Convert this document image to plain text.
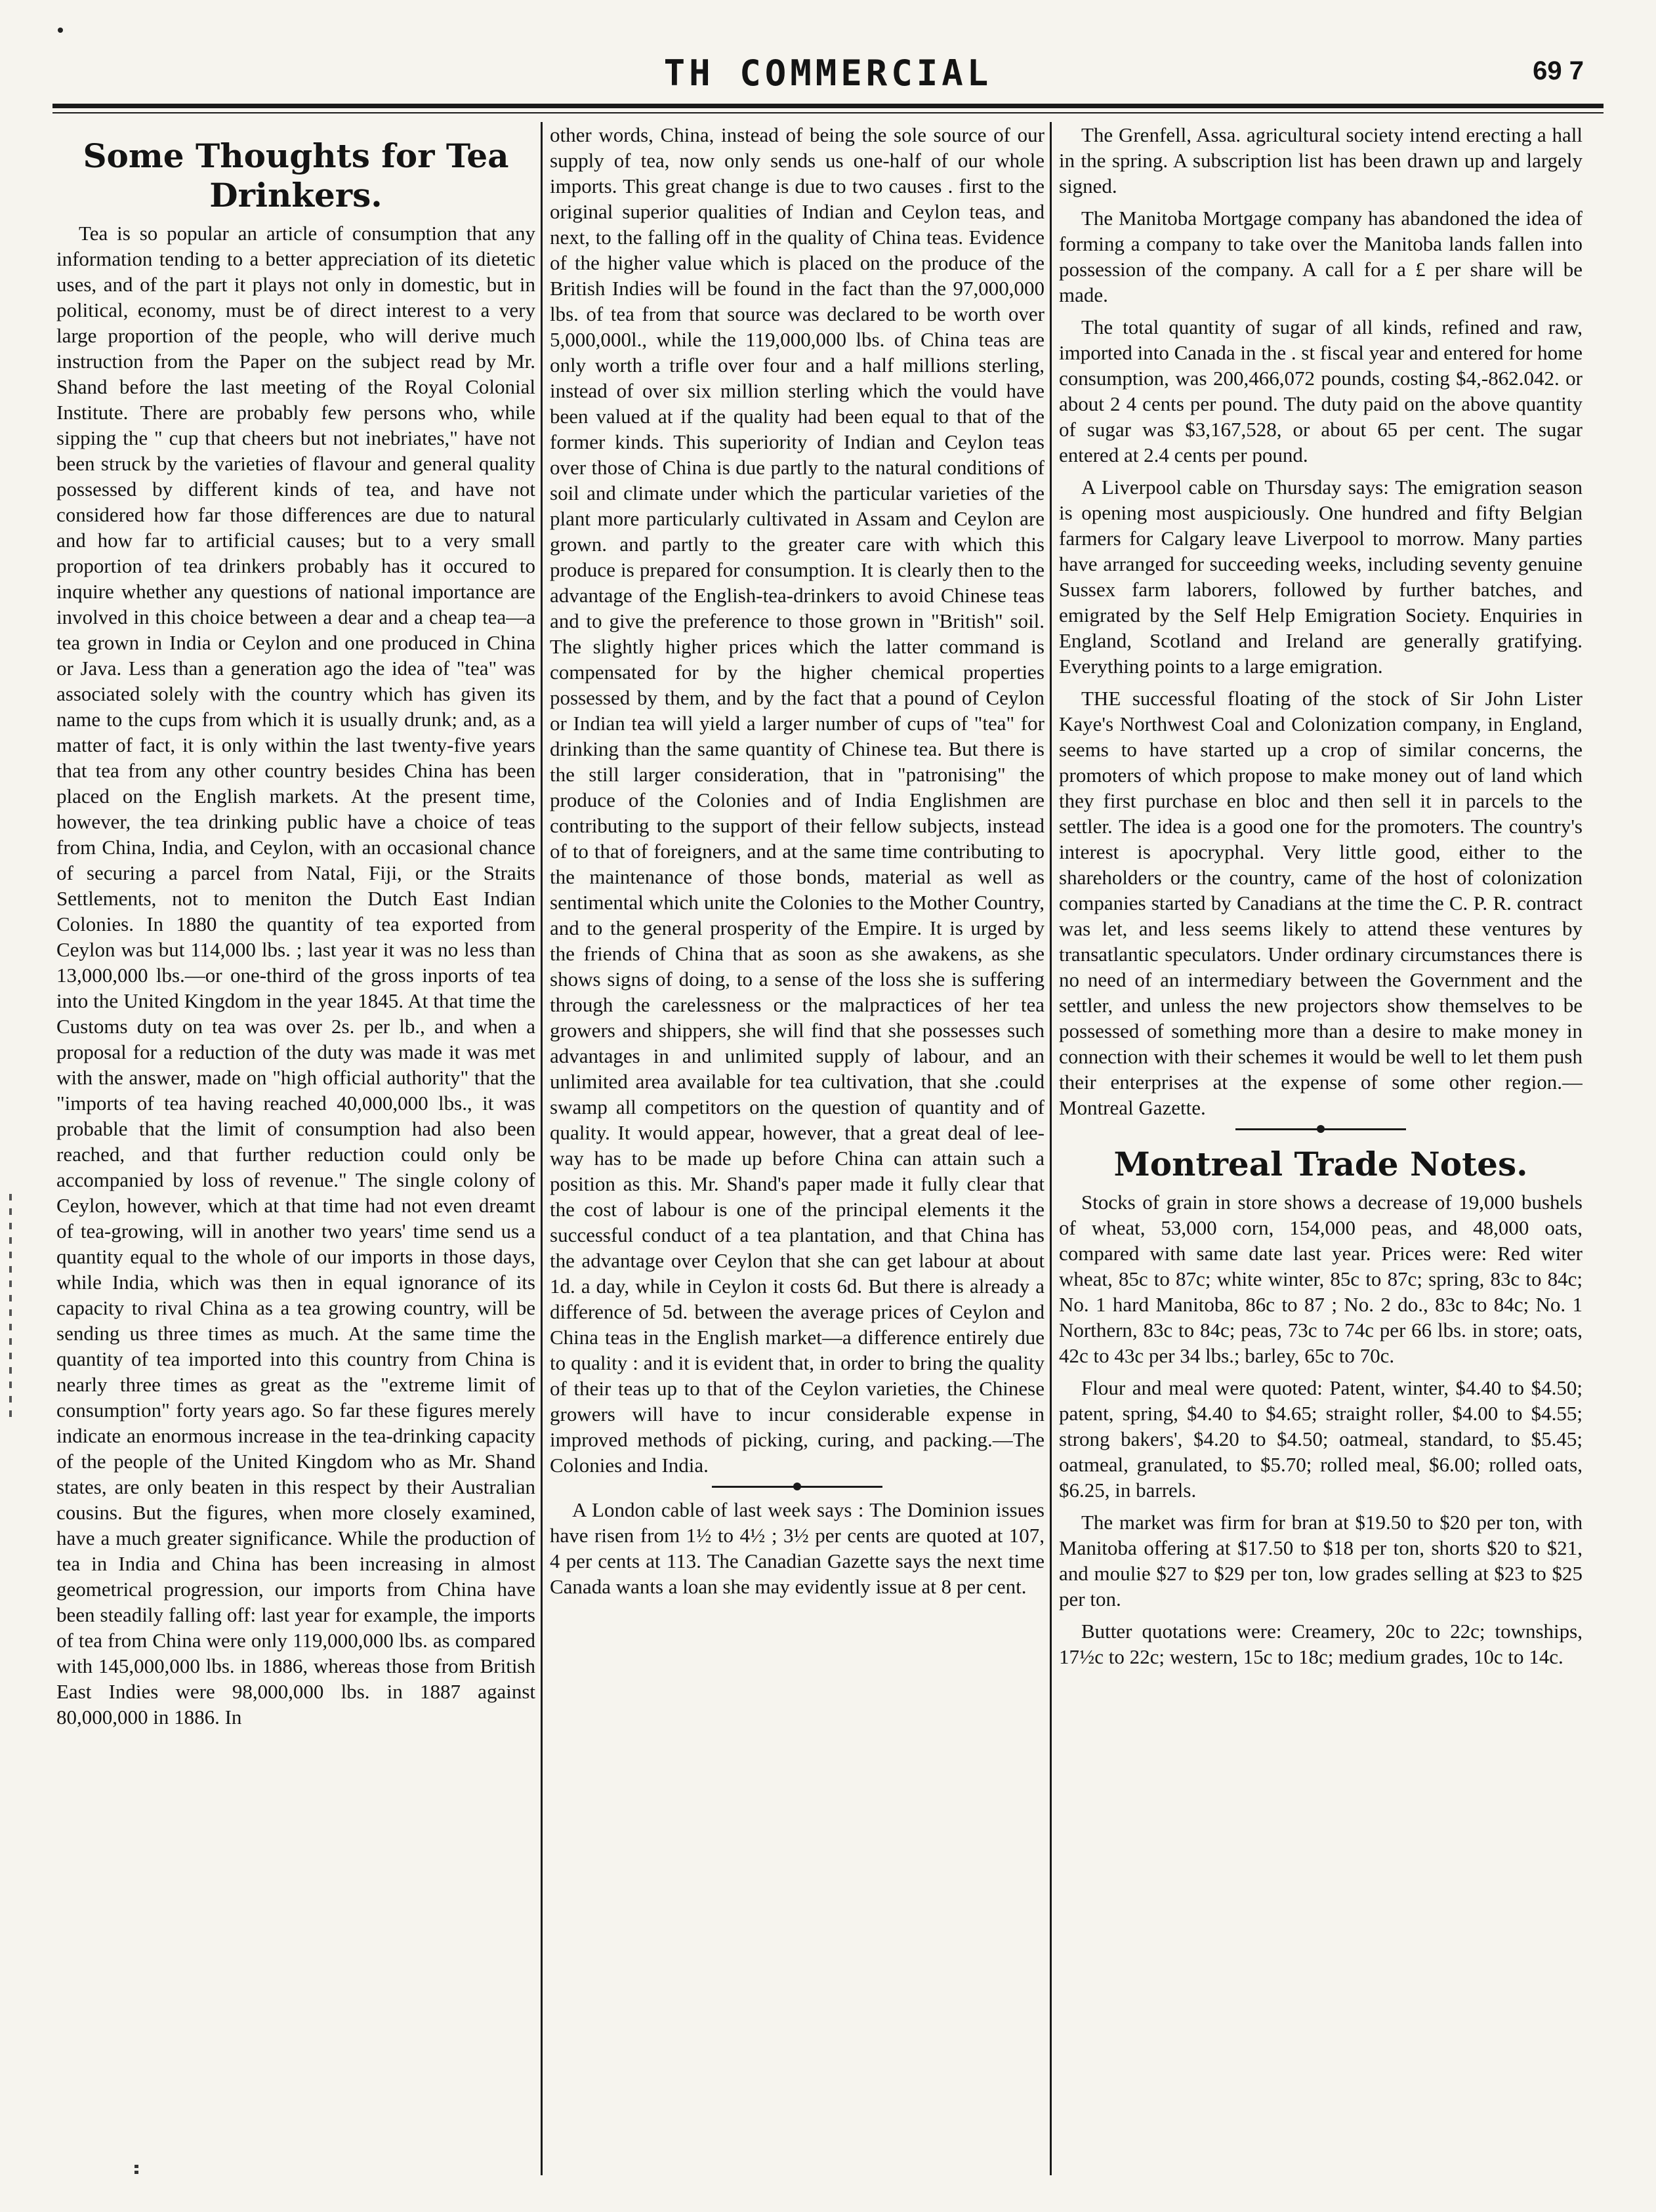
TH COMMERCIAL	69 7
Some Thoughts for Tea Drinkers.

Tea is so popular an article of consumption that any information tending to a better appreciation of its dietetic uses, and of the part it plays not only in domestic, but in political, economy, must be of direct interest to a very large proportion of the people, who will derive much instruction from the Paper on the subject read by Mr. Shand before the last meeting of the Royal Colonial Institute. There are probably few persons who, while sipping the " cup that cheers but not inebriates," have not been struck by the varieties of flavour and general quality possessed by different kinds of tea, and have not considered how far those differences are due to natural and how far to artificial causes; but to a very small proportion of tea drinkers probably has it occured to inquire whether any questions of national importance are involved in this choice between a dear and a cheap tea—a tea grown in India or Ceylon and one produced in China or Java. Less than a generation ago the idea of "tea" was associated solely with the country which has given its name to the cups from which it is usually drunk; and, as a matter of fact, it is only within the last twenty-five years that tea from any other country besides China has been placed on the English markets. At the present time, however, the tea drinking public have a choice of teas from China, India, and Ceylon, with an occasional chance of securing a parcel from Natal, Fiji, or the Straits Settlements, not to meniton the Dutch East Indian Colonies. In 1880 the quantity of tea exported from Ceylon was but 114,000 lbs. ; last year it was no less than 13,000,000 lbs.—or one-third of the gross inports of tea into the United Kingdom in the year 1845. At that time the Customs duty on tea was over 2s. per lb., and when a proposal for a reduction of the duty was made it was met with the answer, made on "high official authority" that the "imports of tea having reached 40,000,000 lbs., it was probable that the limit of consumption had also been reached, and that further reduction could only be accompanied by loss of revenue." The single colony of Ceylon, however, which at that time had not even dreamt of tea-growing, will in another two years' time send us a quantity equal to the whole of our imports in those days, while India, which was then in equal ignorance of its capacity to rival China as a tea growing country, will be sending us three times as much. At the same time the quantity of tea imported into this country from China is nearly three times as great as the "extreme limit of consumption" forty years ago. So far these figures merely indicate an enormous increase in the tea-drinking capacity of the people of the United Kingdom who as Mr. Shand states, are only beaten in this respect by their Australian cousins. But the figures, when more closely examined, have a much greater significance. While the production of tea in India and China has been increasing in almost geometrical progression, our imports from China have been steadily falling off: last year for example, the imports of tea from China were only 119,000,000 lbs. as compared with 145,000,000 lbs. in 1886, whereas those from British East Indies were 98,000,000 lbs. in 1887 against 80,000,000 in 1886. In

other words, China, instead of being the sole source of our supply of tea, now only sends us one-half of our whole imports. This great change is due to two causes . first to the original superior qualities of Indian and Ceylon teas, and next, to the falling off in the quality of China teas. Evidence of the higher value which is placed on the produce of the British Indies will be found in the fact than the 97,000,000 lbs. of tea from that source was declared to be worth over 5,000,000l., while the 119,000,000 lbs. of China teas are only worth a trifle over four and a half millions sterling, instead of over six million sterling which the vould have been valued at if the quality had been equal to that of the former kinds. This superiority of Indian and Ceylon teas over those of China is due partly to the natural conditions of soil and climate under which the particular varieties of the plant more particularly cultivated in Assam and Ceylon are grown. and partly to the greater care with which this produce is prepared for consumption. It is clearly then to the advantage of the English-tea-drinkers to avoid Chinese teas and to give the preference to those grown in "British" soil. The slightly higher prices which the latter command is compensated for by the higher chemical properties possessed by them, and by the fact that a pound of Ceylon or Indian tea will yield a larger number of cups of "tea" for drinking than the same quantity of Chinese tea. But there is the still larger consideration, that in "patronising" the produce of the Colonies and of India Englishmen are contributing to the support of their fellow subjects, instead of to that of foreigners, and at the same time contributing to the maintenance of those bonds, material as well as sentimental which unite the Colonies to the Mother Country, and to the general prosperity of the Empire. It is urged by the friends of China that as soon as she awakens, as she shows signs of doing, to a sense of the loss she is suffering through the carelessness or the malpractices of her tea growers and shippers, she will find that she possesses such advantages in and unlimited supply of labour, and an unlimited area available for tea cultivation, that she .could swamp all competitors on the question of quantity and of quality. It would appear, however, that a great deal of lee-way has to be made up before China can attain such a position as this. Mr. Shand's paper made it fully clear that the cost of labour is one of the principal elements it the successful conduct of a tea plantation, and that China has the advantage over Ceylon that she can get labour at about 1d. a day, while in Ceylon it costs 6d. But there is already a difference of 5d. between the average prices of Ceylon and China teas in the English market—a difference entirely due to quality : and it is evident that, in order to bring the quality of their teas up to that of the Ceylon varieties, the Chinese growers will have to incur considerable expense in improved methods of picking, curing, and packing.—The Colonies and India.

A London cable of last week says : The Dominion issues have risen from 1½ to 4½ ; 3½ per cents are quoted at 107, 4 per cents at 113. The Canadian Gazette says the next time Canada wants a loan she may evidently issue at 8 per cent.

The Grenfell, Assa. agricultural society intend erecting a hall in the spring. A subscription list has been drawn up and largely signed.

The Manitoba Mortgage company has abandoned the idea of forming a company to take over the Manitoba lands fallen into possession of the company. A call for a £ per share will be made.

The total quantity of sugar of all kinds, refined and raw, imported into Canada in the . st fiscal year and entered for home consumption, was 200,466,072 pounds, costing $4,-862.042. or about 2 4 cents per pound. The duty paid on the above quantity of sugar was $3,167,528, or about 65 per cent. The sugar entered at 2.4 cents per pound.

A Liverpool cable on Thursday says: The emigration season is opening most auspiciously. One hundred and fifty Belgian farmers for Calgary leave Liverpool to morrow. Many parties have arranged for succeeding weeks, including seventy genuine Sussex farm laborers, followed by further batches, and emigrated by the Self Help Emigration Society. Enquiries in England, Scotland and Ireland are generally gratifying. Everything points to a large emigration.

THE successful floating of the stock of Sir John Lister Kaye's Northwest Coal and Colonization company, in England, seems to have started up a crop of similar concerns, the promoters of which propose to make money out of land which they first purchase en bloc and then sell it in parcels to the settler. The idea is a good one for the promoters. The country's interest is apocryphal. Very little good, either to the shareholders or the country, came of the host of colonization companies started by Canadians at the time the C. P. R. contract was let, and less seems likely to attend these ventures by transatlantic speculators. Under ordinary circumstances there is no need of an intermediary between the Government and the settler, and unless the new projectors show themselves to be possessed of something more than a desire to make money in connection with their schemes it would be well to let them push their enterprises at the expense of some other region.—Montreal Gazette.

Montreal Trade Notes.

Stocks of grain in store shows a decrease of 19,000 bushels of wheat, 53,000 corn, 154,000 peas, and 48,000 oats, compared with same date last year. Prices were: Red witer wheat, 85c to 87c; white winter, 85c to 87c; spring, 83c to 84c; No. 1 hard Manitoba, 86c to 87 ; No. 2 do., 83c to 84c; No. 1 Northern, 83c to 84c; peas, 73c to 74c per 66 lbs. in store; oats, 42c to 43c per 34 lbs.; barley, 65c to 70c.

Flour and meal were quoted: Patent, winter, $4.40 to $4.50; patent, spring, $4.40 to $4.65; straight roller, $4.00 to $4.55; strong bakers', $4.20 to $4.50; oatmeal, standard, to $5.45; oatmeal, granulated, to $5.70; rolled meal, $6.00; rolled oats, $6.25, in barrels.

The market was firm for bran at $19.50 to $20 per ton, with Manitoba offering at $17.50 to $18 per ton, shorts $20 to $21, and moulie $27 to $29 per ton, low grades selling at $23 to $25 per ton.

Butter quotations were: Creamery, 20c to 22c; townships, 17½c to 22c; western, 15c to 18c; medium grades, 10c to 14c.
